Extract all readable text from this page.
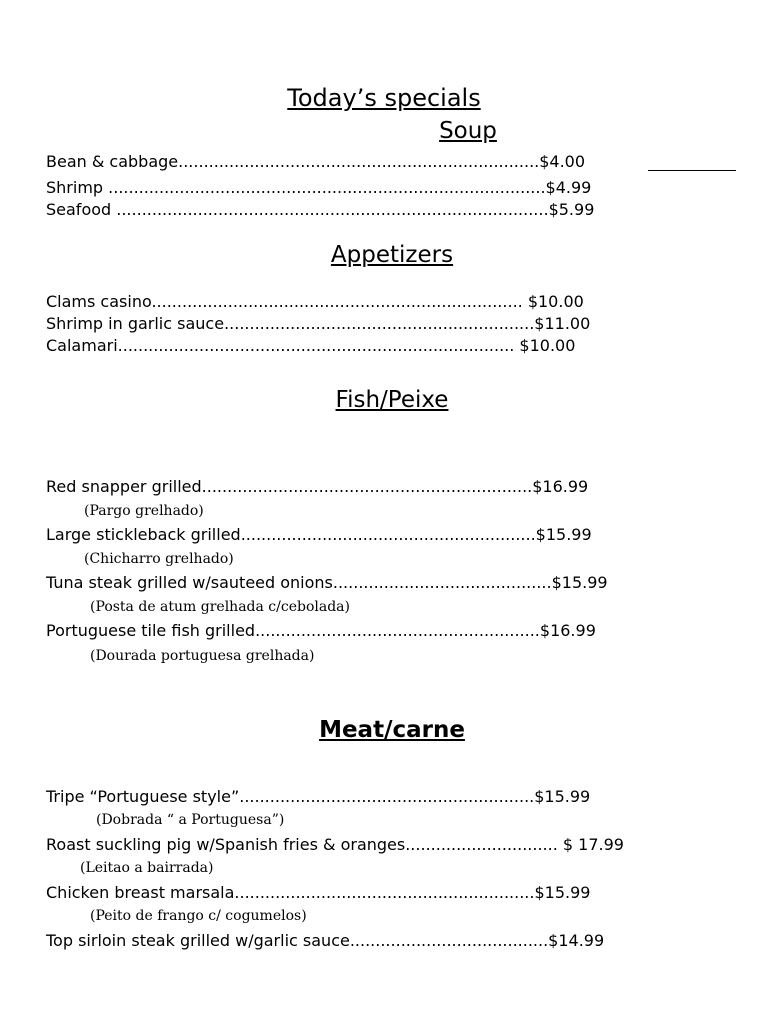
Today’s specials
Soup
Bean & cabbage.......................................................................$4.00
Shrimp ......................................................................................$4.99
Seafood .....................................................................................$5.99
Appetizers
Clams casino......................................................................... $10.00
Shrimp in garlic sauce.............................................................$11.00
Calamari.............................................................................. $10.00
Fish/Peixe
Red snapper grilled.................................................................$16.99
(Pargo grelhado)
Large stickleback grilled..........................................................$15.99
(Chicharro grelhado)
Tuna steak grilled w/sauteed onions...........................................$15.99
(Posta de atum grelhada c/cebolada)
Portuguese tile fish grilled........................................................$16.99
(Dourada portuguesa grelhada)
Meat/carne
Tripe “Portuguese style”..........................................................$15.99
(Dobrada “ a Portuguesa”)
Roast suckling pig w/Spanish fries & oranges.............................. $ 17.99
(Leitao a bairrada)
Chicken breast marsala...........................................................$15.99
(Peito de frango c/ cogumelos)
Top sirloin steak grilled w/garlic sauce.......................................$14.99
